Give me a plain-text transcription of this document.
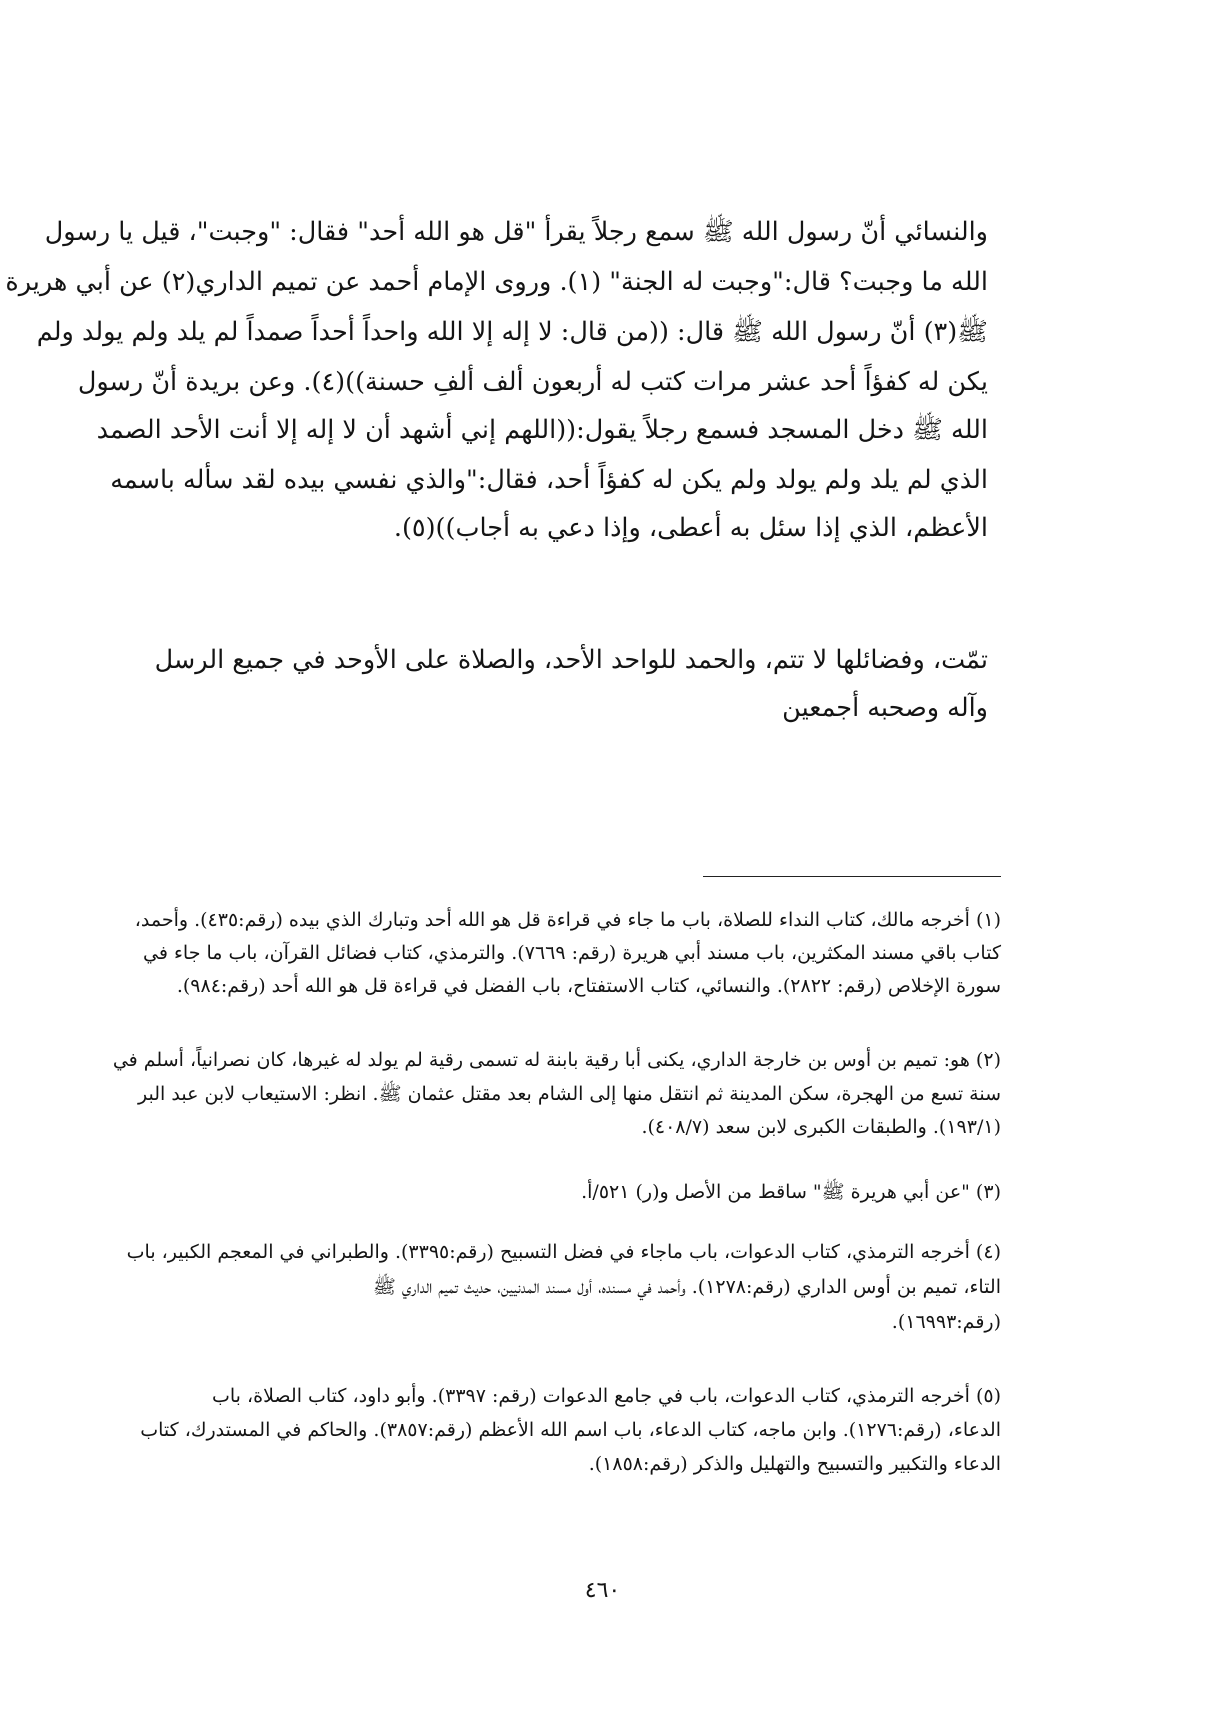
والنسائي أنّ رسول الله ﷺ سمع رجلاً يقرأ "قل هو الله أحد" فقال: "وجبت"، قيل يا رسول
الله ما وجبت؟ قال:"وجبت له الجنة" (١). وروى الإمام أحمد عن تميم الداري(٢) عن أبي هريرة
ﷺ(٣) أنّ رسول الله ﷺ قال: ((من قال: لا إله إلا الله واحداً أحداً صمداً لم يلد ولم يولد ولم
يكن له كفؤاً أحد عشر مرات كتب له أربعون ألف ألفِ حسنة))(٤). وعن بريدة أنّ رسول
الله ﷺ دخل المسجد فسمع رجلاً يقول:((اللهم إني أشهد أن لا إله إلا أنت الأحد الصمد
الذي لم يلد ولم يولد ولم يكن له كفؤاً أحد، فقال:"والذي نفسي بيده لقد سأله باسمه
الأعظم، الذي إذا سئل به أعطى، وإذا دعي به أجاب))(٥).
تمّت، وفضائلها لا تتم، والحمد للواحد الأحد، والصلاة على الأوحد في جميع الرسل
وآله وصحبه أجمعين
(١) أخرجه مالك، كتاب النداء للصلاة، باب ما جاء في قراءة قل هو الله أحد وتبارك الذي بيده (رقم:٤٣٥). وأحمد،
كتاب باقي مسند المكثرين، باب مسند أبي هريرة (رقم: ٧٦٦٩). والترمذي، كتاب فضائل القرآن، باب ما جاء في
سورة الإخلاص (رقم: ٢٨٢٢). والنسائي، كتاب الاستفتاح، باب الفضل في قراءة قل هو الله أحد (رقم:٩٨٤).
(٢) هو: تميم بن أوس بن خارجة الداري، يكنى أبا رقية بابنة له تسمى رقية لم يولد له غيرها، كان نصرانياً، أسلم في
سنة تسع من الهجرة، سكن المدينة ثم انتقل منها إلى الشام بعد مقتل عثمان ﷺ. انظر: الاستيعاب لابن عبد البر
(١٩٣/١). والطبقات الكبرى لابن سعد (٤٠٨/٧).
(٣) "عن أبي هريرة ﷺ" ساقط من الأصل و(ر) ٥٢١/أ.
(٤) أخرجه الترمذي، كتاب الدعوات، باب ماجاء في فضل التسبيح (رقم:٣٣٩٥). والطبراني في المعجم الكبير، باب
التاء، تميم بن أوس الداري (رقم:١٢٧٨). وأحمد في مسنده، أول مسند المدنيين، حديث تميم الداري ﷺ
(رقم:١٦٩٩٣).
(٥) أخرجه الترمذي، كتاب الدعوات، باب في جامع الدعوات (رقم: ٣٣٩٧). وأبو داود، كتاب الصلاة، باب
الدعاء، (رقم:١٢٧٦). وابن ماجه، كتاب الدعاء، باب اسم الله الأعظم (رقم:٣٨٥٧). والحاكم في المستدرك، كتاب
الدعاء والتكبير والتسبيح والتهليل والذكر (رقم:١٨٥٨).
٤٦٠
